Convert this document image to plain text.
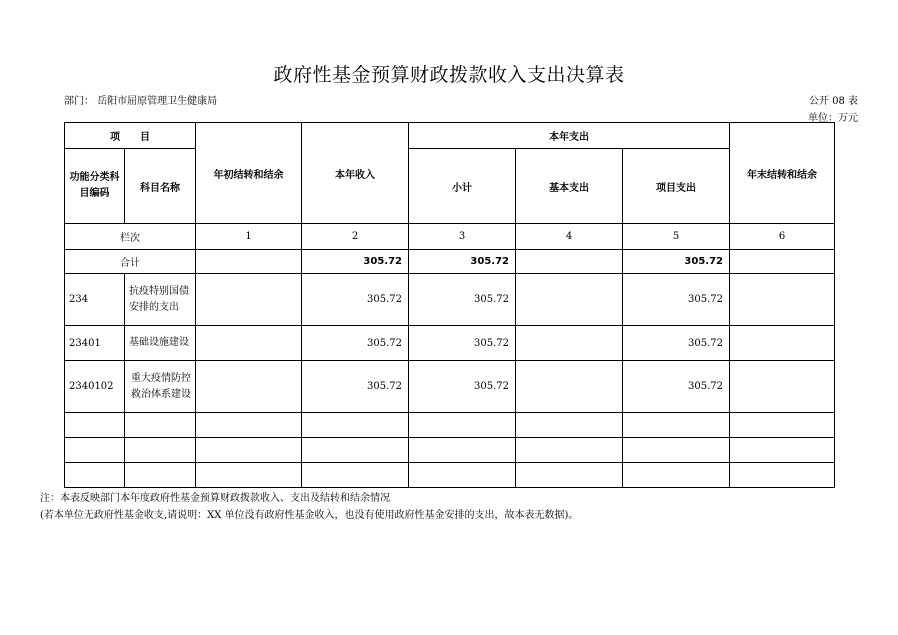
政府性基金预算财政拨款收入支出决算表
部门： 岳阳市屈原管理卫生健康局	公开 08 表
单位：万元
项　　目		年初结转和结余	本年收入	本年支出			年末结转和结余
功能分类科目编码	科目名称			小计	基本支出	项目支出	
栏次		1	2	3	4	5	6
合计			305.72	305.72		305.72	
234	抗疫特别国债安排的支出		305.72	305.72		305.72	
23401	基础设施建设		305.72	305.72		305.72	
2340102	重大疫情防控救治体系建设		305.72	305.72		305.72	

注：本表反映部门本年度政府性基金预算财政拨款收入、支出及结转和结余情况
(若本单位无政府性基金收支,请说明：XX 单位没有政府性基金收入，也没有使用政府性基金安排的支出，故本表无数据)。
